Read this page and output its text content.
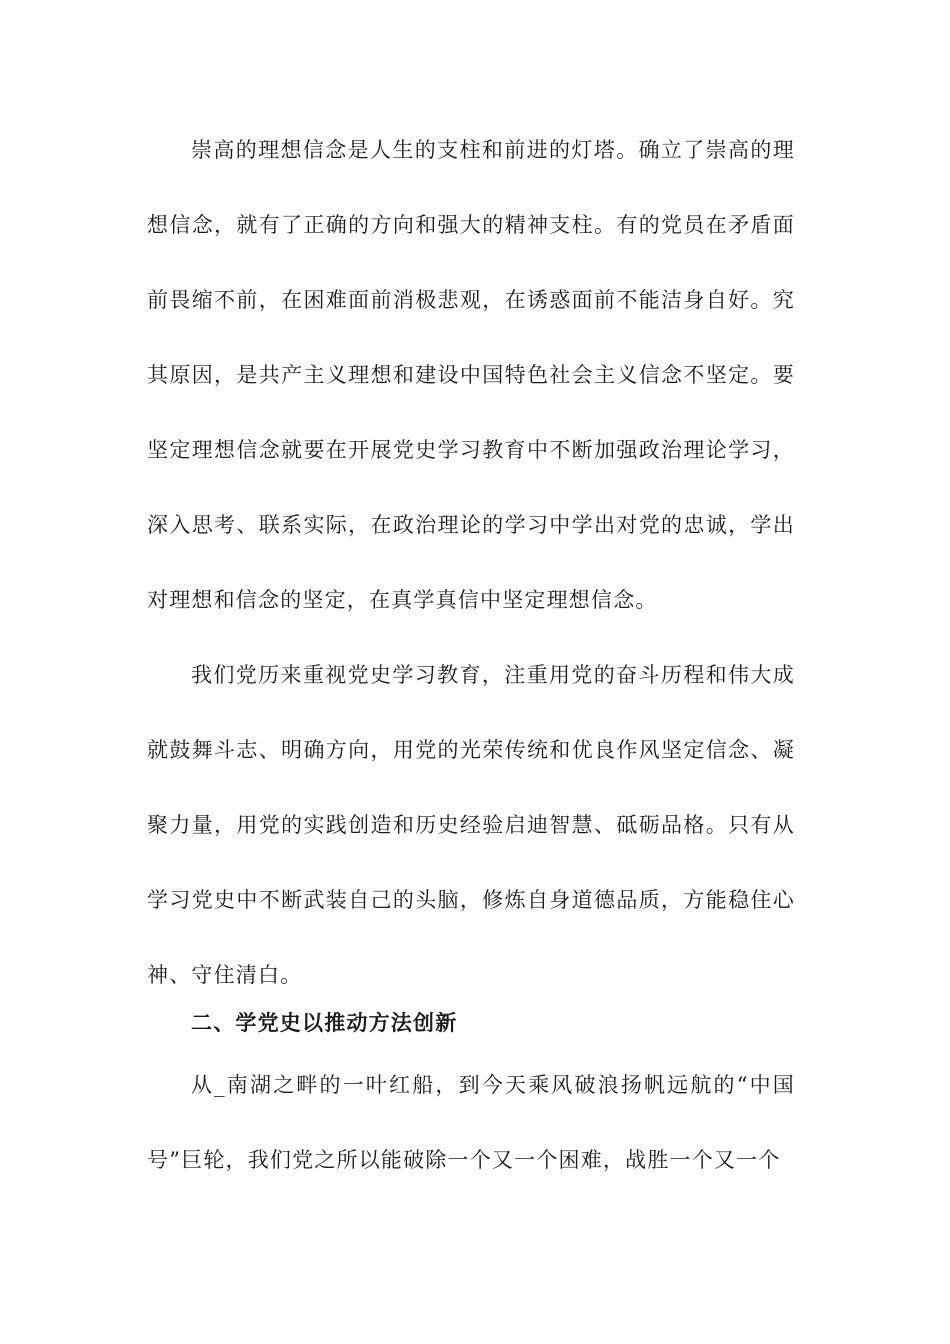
崇高的理想信念是人生的支柱和前进的灯塔。确立了崇高的理想信念，就有了正确的方向和强大的精神支柱。有的党员在矛盾面前畏缩不前，在困难面前消极悲观，在诱惑面前不能洁身自好。究其原因，是共产主义理想和建设中国特色社会主义信念不坚定。要坚定理想信念就要在开展党史学习教育中不断加强政治理论学习，深入思考、联系实际，在政治理论的学习中学出对党的忠诚，学出对理想和信念的坚定，在真学真信中坚定理想信念。

我们党历来重视党史学习教育，注重用党的奋斗历程和伟大成就鼓舞斗志、明确方向，用党的光荣传统和优良作风坚定信念、凝聚力量，用党的实践创造和历史经验启迪智慧、砥砺品格。只有从学习党史中不断武装自己的头脑，修炼自身道德品质，方能稳住心神、守住清白。

二、学党史以推动方法创新

从_南湖之畔的一叶红船，到今天乘风破浪扬帆远航的“中国号”巨轮，我们党之所以能破除一个又一个困难，战胜一个又一个
